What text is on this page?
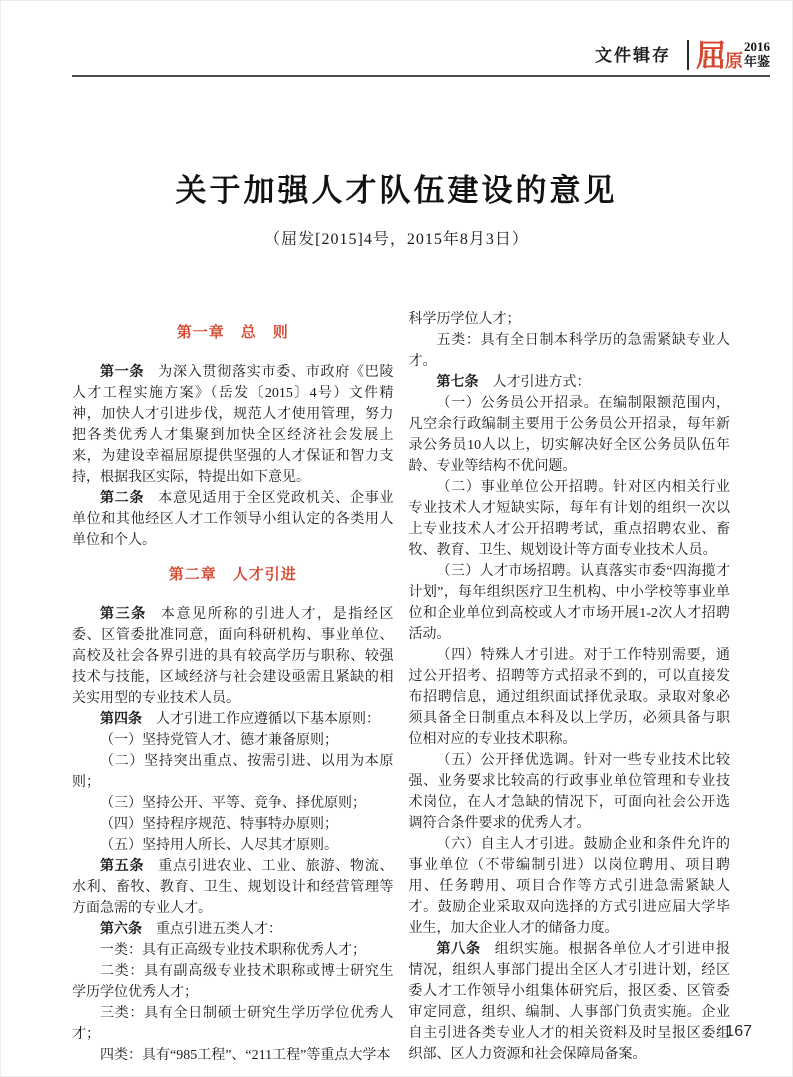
文件辑存 屈 原
2016
年鉴
关于加强人才队伍建设的意见
（屈发[2015]4号，2015年8月3日）

第一章　总　则

第一条 为深入贯彻落实市委、市政府《巴陵人才工程实施方案》（岳发〔2015〕4号）文件精神，加快人才引进步伐，规范人才使用管理，努力把各类优秀人才集聚到加快全区经济社会发展上来，为建设幸福屈原提供坚强的人才保证和智力支持，根据我区实际，特提出如下意见。

第二条 本意见适用于全区党政机关、企事业单位和其他经区人才工作领导小组认定的各类用人单位和个人。

第二章　人才引进

第三条 本意见所称的引进人才，是指经区委、区管委批准同意，面向科研机构、事业单位、高校及社会各界引进的具有较高学历与职称、较强技术与技能，区域经济与社会建设亟需且紧缺的相关实用型的专业技术人员。

第四条 人才引进工作应遵循以下基本原则：

（一）坚持党管人才、德才兼备原则；

（二）坚持突出重点、按需引进、以用为本原则；

（三）坚持公开、平等、竞争、择优原则；

（四）坚持程序规范、特事特办原则；

（五）坚持用人所长、人尽其才原则。

第五条 重点引进农业、工业、旅游、物流、水利、畜牧、教育、卫生、规划设计和经营管理等方面急需的专业人才。

第六条 重点引进五类人才：

一类：具有正高级专业技术职称优秀人才；

二类：具有副高级专业技术职称或博士研究生学历学位优秀人才；

三类：具有全日制硕士研究生学历学位优秀人才；

四类：具有“985工程”、“211工程”等重点大学本

科学历学位人才；

五类：具有全日制本科学历的急需紧缺专业人才。

第七条 人才引进方式：

（一）公务员公开招录。在编制限额范围内，凡空余行政编制主要用于公务员公开招录，每年新录公务员10人以上，切实解决好全区公务员队伍年龄、专业等结构不优问题。

（二）事业单位公开招聘。针对区内相关行业专业技术人才短缺实际，每年有计划的组织一次以上专业技术人才公开招聘考试，重点招聘农业、畜牧、教育、卫生、规划设计等方面专业技术人员。

（三）人才市场招聘。认真落实市委“四海揽才计划”，每年组织医疗卫生机构、中小学校等事业单位和企业单位到高校或人才市场开展1-2次人才招聘活动。

（四）特殊人才引进。对于工作特别需要，通过公开招考、招聘等方式招录不到的，可以直接发布招聘信息，通过组织面试择优录取。录取对象必须具备全日制重点本科及以上学历，必须具备与职位相对应的专业技术职称。

（五）公开择优选调。针对一些专业技术比较强、业务要求比较高的行政事业单位管理和专业技术岗位，在人才急缺的情况下，可面向社会公开选调符合条件要求的优秀人才。

（六）自主人才引进。鼓励企业和条件允许的事业单位（不带编制引进）以岗位聘用、项目聘用、任务聘用、项目合作等方式引进急需紧缺人才。鼓励企业采取双向选择的方式引进应届大学毕业生，加大企业人才的储备力度。

第八条 组织实施。根据各单位人才引进申报情况，组织人事部门提出全区人才引进计划，经区委人才工作领导小组集体研究后，报区委、区管委审定同意，组织、编制、人事部门负责实施。企业自主引进各类专业人才的相关资料及时呈报区委组织部、区人力资源和社会保障局备案。

167
